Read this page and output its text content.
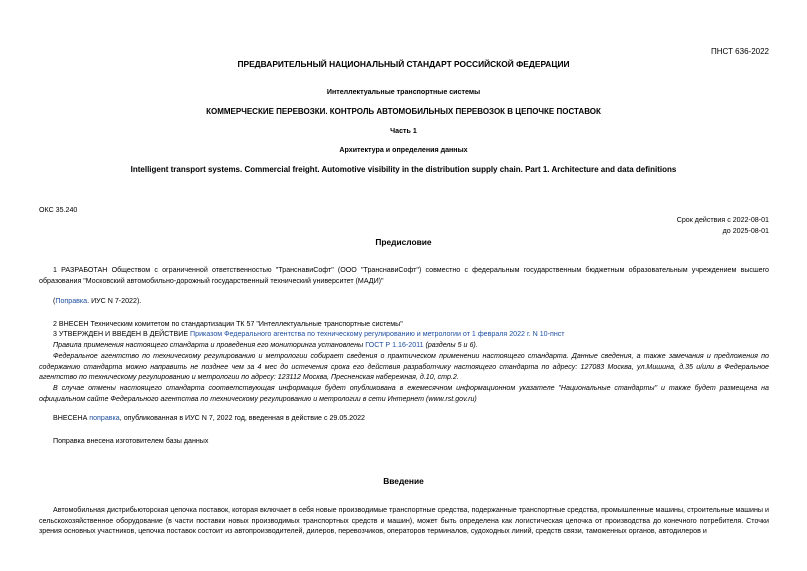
ПНСТ 636-2022
ПРЕДВАРИТЕЛЬНЫЙ НАЦИОНАЛЬНЫЙ СТАНДАРТ РОССИЙСКОЙ ФЕДЕРАЦИИ
Интеллектуальные транспортные системы
КОММЕРЧЕСКИЕ ПЕРЕВОЗКИ. КОНТРОЛЬ АВТОМОБИЛЬНЫХ ПЕРЕВОЗОК В ЦЕПОЧКЕ ПОСТАВОК
Часть 1
Архитектура и определения данных
Intelligent transport systems. Commercial freight. Automotive visibility in the distribution supply chain. Part 1. Architecture and data definitions
ОКС 35.240
Срок действия с 2022-08-01
до 2025-08-01
Предисловие
1 РАЗРАБОТАН Обществом с ограниченной ответственностью "ТранснавиСофт" (ООО "ТранснавиСофт") совместно с федеральным государственным бюджетным образовательным учреждением высшего образования "Московский автомобильно-дорожный государственный технический университет (МАДИ)"
(Поправка. ИУС N 7-2022).
2 ВНЕСЕН Техническим комитетом по стандартизации ТК 57 "Интеллектуальные транспортные системы"
3 УТВЕРЖДЕН И ВВЕДЕН В ДЕЙСТВИЕ Приказом Федерального агентства по техническому регулированию и метрологии от 1 февраля 2022 г. N 10-пнст
Правила применения настоящего стандарта и проведения его мониторинга установлены ГОСТ Р 1.16-2011 (разделы 5 и 6).
Федеральное агентство по техническому регулированию и метрологии собирает сведения о практическом применении настоящего стандарта. Данные сведения, а также замечания и предложения по содержанию стандарта можно направить не позднее чем за 4 мес до истечения срока его действия разработчику настоящего стандарта по адресу: 127083 Москва, ул.Мишина, д.35 и/или в Федеральное агентство по техническому регулированию и метрологии по адресу: 123112 Москва, Пресненская набережная, д.10, стр.2.
В случае отмены настоящего стандарта соответствующая информация будет опубликована в ежемесячном информационном указателе "Национальные стандарты" и также будет размещена на официальном сайте Федерального агентства по техническому регулированию и метрологии в сети Интернет (www.rst.gov.ru)
ВНЕСЕНА поправка, опубликованная в ИУС N 7, 2022 год, введенная в действие с 29.05.2022
Поправка внесена изготовителем базы данных
Введение
Автомобильная дистрибьюторская цепочка поставок, которая включает в себя новые производимые транспортные средства, подержанные транспортные средства, промышленные машины, строительные машины и сельскохозяйственное оборудование (в части поставки новых производимых транспортных средств и машин), может быть определена как логистическая цепочка от производства до конечного потребителя. Сточки зрения основных участников, цепочка поставок состоит из автопроизводителей, дилеров, перевозчиков, операторов терминалов, судоходных линий, средств связи, таможенных органов, автодилеров и
